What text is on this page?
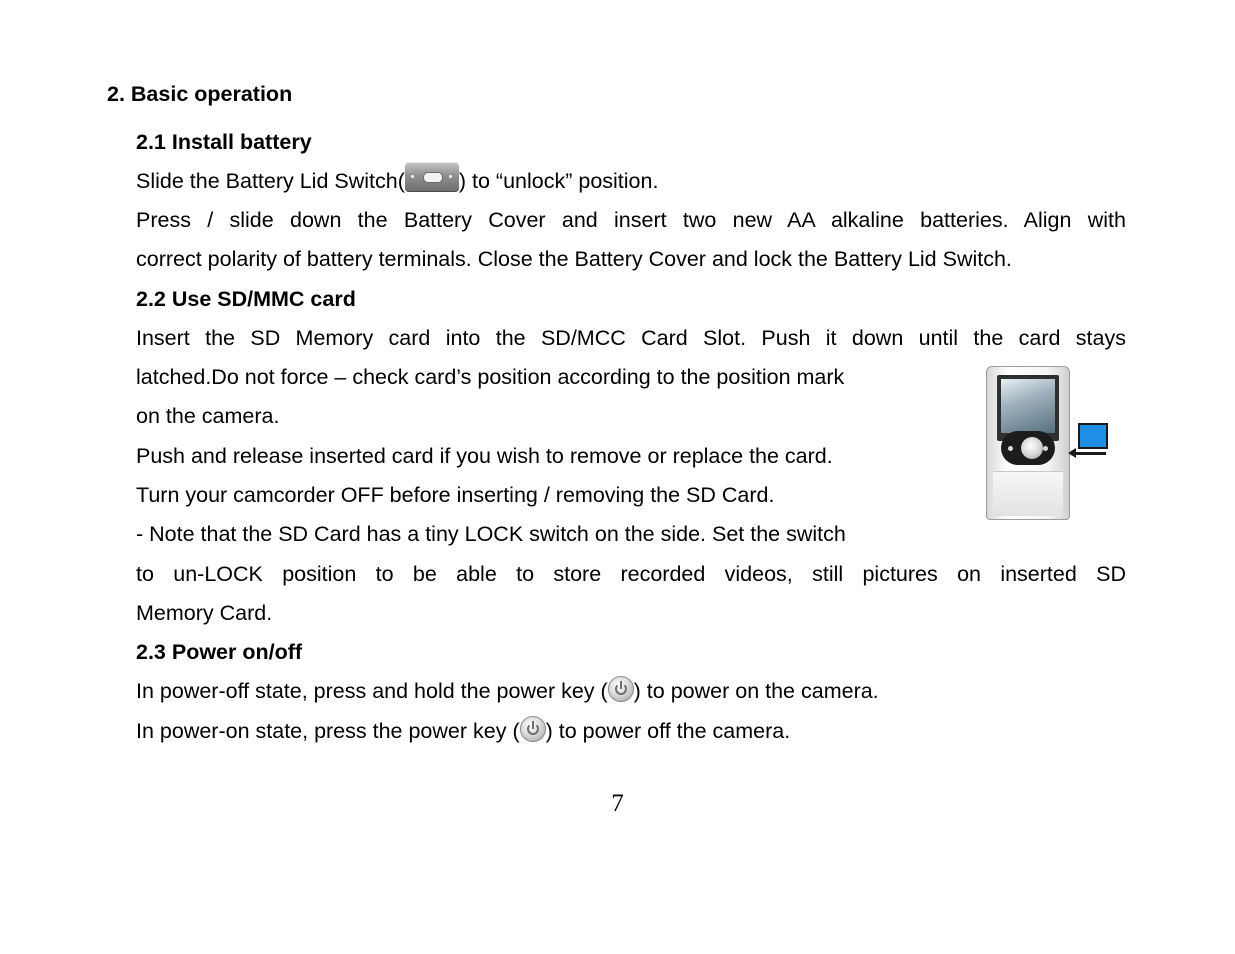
2. Basic operation
2.1 Install battery
Slide the Battery Lid Switch(	) to “unlock” position.
Press / slide down the Battery Cover and insert two new AA alkaline batteries. Align with
correct polarity of battery terminals. Close the Battery Cover and lock the Battery Lid Switch.
2.2 Use SD/MMC card
Insert the SD Memory card into the SD/MCC Card Slot. Push it down until the card stays
latched.Do not force – check card’s position according to the position mark
on the camera.
Push and release inserted card if you wish to remove or replace the card.
Turn your camcorder OFF before inserting / removing the SD Card.
- Note that the SD Card has a tiny LOCK switch on the side. Set the switch
to un-LOCK position to be able to store recorded videos, still pictures on inserted SD
Memory Card.
2.3 Power on/off
In power-off state, press and hold the power key ( ) to power on the camera.
In power-on state, press the power key ( ) to power off the camera.
7
